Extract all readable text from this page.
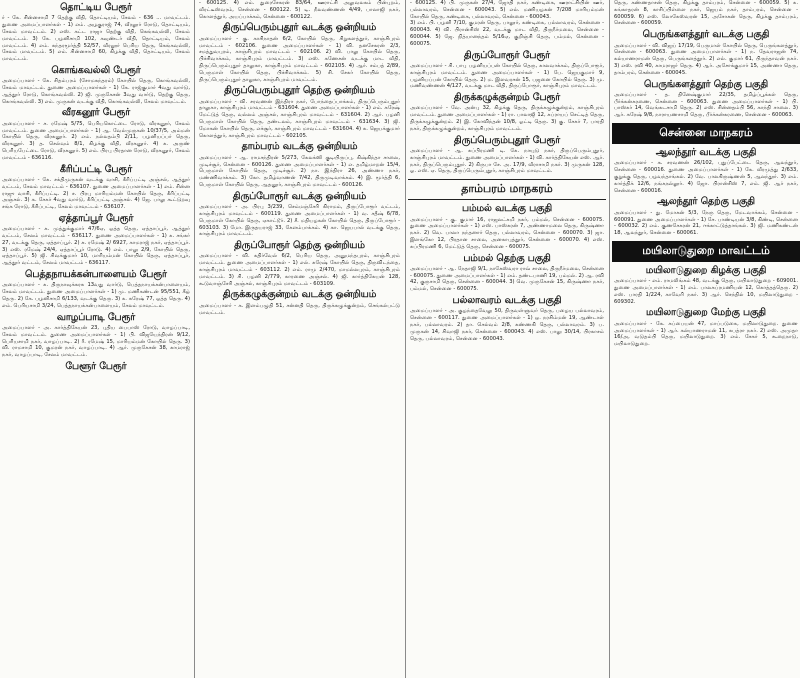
தொட்டிய பேரூர்
ர் - கே. சின்னசாமி 7 தெற்கு வீதி, தொட்டியம், சேலம் - 636 ... மாவட்டம். துணை அமைப்பாளர்கள் - 1) எம். அழகுராஜ் 74, வீரலூர் ரோடு, தொட்டியம், சேலம் மாவட்டம். 2) எஸ். கட்ட ராஜா தெற்கு வீதி, கெங்கவல்லி, சேலம் மாவட்டம். 3) கே. பழனிசாமி 102, கவுண்டர் வீதி, தொட்டியம், சேலம் மாவட்டம். 4) எம். சுந்தரமூர்த்தி 52/57, வீரலூர் பெரிய தெரு, கெங்கவல்லி, சேலம் மாவட்டம். 5) எம். சின்னசாமி 60, கிழக்கு வீதி, தொட்டியம், சேலம் மாவட்டம்.
கொங்கவல்லி பேரூர்
அமைப்பாளர் - கே. சிதம்பரம் (சோமசுந்தரம்) கோயில் தெரு, கொங்கவல்லி, சேலம் மாவட்டம். துணை அமைப்பாளர்கள் - 1) கே. ராஜ்குமார் 4வது வார்டு, ஆத்தூர் ரோடு, கொங்கவல்லி. 2) ஜி. முருகேசன் 3வது வார்டு, தெற்கு தெரு, கொங்கவல்லி. 3) எம். முருகன் வடக்கு வீதி, கொங்கவல்லி, சேலம் மாவட்டம்.
வீரகனூர் பேரூர்
அமைப்பாளர் - ச. ரமேஷ் 5/75, பெரியகொட்டை ரோடு, வீரகனூர், சேலம் மாவட்டம். துணை அமைப்பாளர்கள் - 1) ஆ. வேல்முருகன் 10/37/5, அம்மன் கோயில் தெரு, வீரகனூர். 2) எம். நல்லதம்பி 2/11, பழனியப்பர் தெரு, வீரகனூர். 3) த. செல்வம் 8/1, கிழக்கு வீதி, வீரகனூர். 4) க. அருண் பெரியபேட்டை ரோடு, வீரகனூர். 5) எம். பிரபு பிரதான ரோடு, வீரகனூர், சேலம் மாவட்டம் - 636116.
கீரிப்பட்டி பேரூர்
அமைப்பாளர் - கே. சக்திமுருகன் வடக்கு வாசி, கீரிப்பட்டி அஞ்சல், ஆத்தூர் வட்டம், சேலம் மாவட்டம் - 636107. துணை அமைப்பாளர்கள் - 1) எம். சின்ன ராஜு வாசி, கீரிப்பட்டி. 2) ச. பிரபு மாரியம்மன் கோயில் தெரு, கீரிப்பட்டி அஞ்சல். 3) க. சேகர் 4வது வார்டு, கீரிப்பட்டி அஞ்சல். 4) ஜே. பாலு கூட்டுறவு சங்க ரோடு, கீரிப்பட்டி, சேலம் மாவட்டம் - 636107.
ஏத்தாப்பூர் பேரூர்
அமைப்பாளர் - க. முத்துக்குமார் 47/6ஏ, ஒத்த தெரு, ஏத்தாப்பூர், ஆத்தூர் வட்டம், சேலம் மாவட்டம் - 636117. துணை அமைப்பாளர்கள் - 1) க. சங்கர் 27, வடக்கு தெரு, ஏத்தாப்பூர். 2) சு. ரமேஷ் 2/ 6927, காமராஜ் நகர், ஏத்தாப்பூர். 3) எஸ். ரமேஷ் 24/4, ஏத்தாப்பூர் ரோடு. 4) எம். பாலு 2/9, கோயில் தெரு, ஏத்தாப்பூர். 5) ஜி. சிவக்குமார் 10, மாரியம்மன் கோயில் தெரு, ஏத்தாப்பூர், ஆத்தூர் வட்டம், சேலம் மாவட்டம் - 636117.
பெத்தநாயக்கன்பாளையம் பேரூர்
அமைப்பாளர் - க. திருநாவுக்கரசு 13வது வார்டு, பெத்தநாயக்கன்பாளையம், சேலம் மாவட்டம். துணை அமைப்பாளர்கள் - 1) மு. மணிகண்டன் 95/551, கீழ் தெரு. 2) கே. பழனிசாமி 6/133, வடக்கு தெரு. 3) க. சுரேஷ் 77, ஒத்த தெரு. 4) எம். பெரியசாமி 3/24, பெத்தநாயக்கன்பாளையம், சேலம் மாவட்டம்.
வாழப்பாடி பேரூர்
அமைப்பாளர் - அ. கார்த்திகேயன் 23, புதிய பைபாஸ் ரோடு, வாழப்பாடி, சேலம் மாவட்டம். துணை அமைப்பாளர்கள் - 1) பி. விஜயேந்திரன் 9/12, பெரியசாமி நகர், வாழப்பாடி. 2) ரீ. ரமேஷ் 15, மாரியம்மன் கோயில் தெரு. 3) வி. ராமசாமி 10, குமரன் நகர், வாழப்பாடி. 4) ஆர். முருகேசன் 38, காமராஜ் நகர், வாழப்பாடி, சேலம் மாவட்டம்.
பேளூர் பேரூர்
- 600125. 4) எம். துரைசேகரன் 83/64, ஊராட்சி அலுவலகம் பின்புறம், வீரட்டீஸ்வரம், சென்னை - 600122. 5) டி. நீலவண்ணன் 4/49, பாலாஜி நகர், கொளத்தூர், அயப்பாக்கம், சென்னை - 600122.
திருப்பெரும்புதூர் வடக்கு ஒன்றியம்
அமைப்பாளர் - கு. காசிநாதன் 6/2, கோயில் தெரு, சிறுகளத்தூர், காஞ்சிபுரம் மாவட்டம் - 602106. துணை அமைப்பாளர்கள் - 1) வி. தனசேகரன் 2/3, சமத்துவபுரம், காஞ்சிபுரம் மாவட்டம் - 602106. 2) வி. பாலு கோயில் தெரு, பிச்சிவாக்கம், காஞ்சிபுரம் மாவட்டம். 3) எஸ். கணேசன் வடக்கு மாட வீதி, திருப்பெரும்புதூர் தாலுகா, காஞ்சிபுரம் மாவட்டம் - 602105. 4) ஆர். சம்பத் 2/89, பெருமாள் கோயில் தெரு, பிச்சிவாக்கம். 5) சி. சேகர் கோயில் தெரு, திருப்பெரும்புதூர் தாலுகா, காஞ்சிபுரம் மாவட்டம்.
திருப்பெரும்புதூர் தெற்கு ஒன்றியம்
அமைப்பாளர் - வி. சரவணன் இந்திரா நகர், போந்தைப்பாக்கம், திருப்பெரும்புதூர் தாலுகா, காஞ்சிபுரம் மாவட்டம் - 631604. துணை அமைப்பாளர்கள் - 1) எம். சுரேஷ் மேட்டுத் தெரு, வல்லம் அஞ்சல், காஞ்சிபுரம் மாவட்டம் - 631604. 2) ஆர். பழனி பெருமாள் கோயில் தெரு, தண்டலம், காஞ்சிபுரம் மாவட்டம் - 631634. 3) ஜி. மோகன் கோயில் தெரு, எச்சூர், காஞ்சிபுரம் மாவட்டம் - 631604. 4) சு. ஜெயக்குமார் கொளத்தூர், காஞ்சிபுரம் மாவட்டம் - 602105.
தாம்பரம் வடக்கு ஒன்றியம்
அமைப்பாளர் - ஆ. ராமசந்திரன் 5/273, கேலக்ஸி குடியிருப்பு, கிஷ்கிந்தா சாலை, முடிச்சூர், சென்னை - 600126. துணை அமைப்பாளர்கள் - 1) எ. தமிழ்மாறன் 15/4, பெருமாள் கோயில் தெரு, முடிச்சூர். 2) நா. இந்திரா 26, அண்ணா நகர், மண்ணிவாக்கம். 3) கோ. தமிழ்வாணன் 7/42, திருமுடிவாக்கம். 4) இ. மூர்த்தி 6, பெருமாள் கோயில் தெரு, ஆதனூர், காஞ்சிபுரம் மாவட்டம் - 600126.
திருப்போரூர் வடக்கு ஒன்றியம்
அமைப்பாளர் - அ. பிரபு 3/239, செம்மஞ்சேரி கிராமம், திருப்போரூர் வட்டம், காஞ்சிபுரம் மாவட்டம் - 600119. துணை அமைப்பாளர்கள் - 1) வ. சதீஷ் 6/78, பெருமாள் கோயில் தெரு, ஏகாட்டூர். 2) சீ. மதியழகன் கோயில் தெரு, திருப்போரூர் - 603103. 3) மோ. இருதயராஜ் 33, கேளம்பாக்கம். 4) கா. ஜெயபால் வடக்கு தெரு, காஞ்சிபுரம் மாவட்டம்.
திருப்போரூர் தெற்கு ஒன்றியம்
அமைப்பாளர் - வி. கதிர்வேல் 6/2, பெரிய தெரு, அனுமந்தபுரம், காஞ்சிபுரம் மாவட்டம். துணை அமைப்பாளர்கள் - 1) எல். சுரேஷ் கோயில் தெரு, திருவிடந்தை, காஞ்சிபுரம் மாவட்டம் - 603112. 2) எம். ராமு 2/470, மாமல்லபுரம், காஞ்சிபுரம் மாவட்டம். 3) சி. பழனி 2/779, காரணை அஞ்சல். 4) ஜி. கார்த்திகேயன் 128, கூடுவாஞ்சேரி அஞ்சல், காஞ்சிபுரம் மாவட்டம் - 603109.
திருக்கழுக்குன்றம் வடக்கு ஒன்றியம்
அமைப்பாளர் - க. இளம்பழுதி 51, சன்னதி தெரு, திருக்கழுக்குன்றம், செங்கல்பட்டு மாவட்டம்.
- 600125. 4) பி. முருகன் 27/4, ஜோதி நகர், கண்டிகை, ஊராட்சியின் ஊர், பல்லாவரம், சென்னை - 600043. 5) எல். மணியழகன் 7/208 மாரியம்மன் கோயில் தெரு, கண்டிகை, பல்லாவரம், சென்னை - 600043.
3) எம். பி. பழனி 7/10, குமரன் தெரு, பாலூர், கண்டிகை, பல்லாவரம், சென்னை - 600043. 4) வி. பிரான்சிஸ் 22, வடக்கு மாட வீதி, திருநீர்மலை, சென்னை - 600044. 5) ஜே. நித்யானந்தம் 5/16ஏ, குறிஞ்சி தெரு, பம்மல், சென்னை - 600075.
திருப்போரூர் பேரூர்
அமைப்பாளர் - சி. பாபு பழனியப்பன் கோயில் தெரு, காலவாக்கம், திருப்போரூர், காஞ்சிபுரம் மாவட்டம். துணை அமைப்பாளர்கள் - 1) பே. ஜெயகுமார் 9, பழனியப்பன் கோயில் தெரு. 2) ம. இளவரசன் 15, பஜனை கோயில் தெரு. 3) மு. மணிவண்ணன் 4/127, வடக்கு மாட வீதி, திருப்போரூர், காஞ்சிபுரம் மாவட்டம்.
திருக்கழுக்குன்றம் பேரூர்
அமைப்பாளர் - வே. அன்பு 32, கிழக்கு தெரு, திருக்கழுக்குன்றம், காஞ்சிபுரம் மாவட்டம். துணை அமைப்பாளர்கள் - 1) ரா. பாலாஜி 12, சுப்ராயப் செட்டித் தெரு, திருக்கழுக்குன்றம். 2) இ. கோவிந்தன் 10/8, ஓட்டி தெரு. 3) கு. சேகர் 7, பாரதி நகர், திருக்கழுக்குன்றம், காஞ்சிபுரம் மாவட்டம்.
திருப்பெரும்புதூர் பேரூர்
அமைப்பாளர் - ஆ. சுப்பிரமணி டி. கே. நாயுடு நகர், திருப்பெரும்புதூர், காஞ்சிபுரம் மாவட்டம். துணை அமைப்பாளர்கள் - 1) வி. கார்த்திகேயன் எஸ். ஆர். நகர், திருப்பெரும்புதூர். 2) கிருபா சே. அ. 17/9, வீராசாமி நகர். 3) முருகன் 128, ஓ. எஸ். ஏ. தெரு, திருப்பெரும்புதூர், காஞ்சிபுரம் மாவட்டம்.
தாம்பரம் மாநகரம்
பம்மல் வடக்கு பகுதி
அமைப்பாளர் - கு. குமார் 16, ராஜலட்சுமி நகர், பம்மல், சென்னை - 600075. துணை அமைப்பாளர்கள் - 1) எஸ். பாஸ்கரன் 7, அண்ணாமலை தெரு, கிருஷ்ணா நகர். 2) வெ. பாலா நந்தனார் தெரு, பல்லாவரம், சென்னை - 600070. 3) ஜா. இளங்கோ 12, பிரதான சாலை, அனகாபுத்தூர், சென்னை - 600070. 4) எஸ். சுப்பிரமணி 6, மேட்டுத் தெரு, சென்னை - 600075.
பம்மல் தெற்கு பகுதி
அமைப்பாளர் - ஆ. நேதாஜி 9/1, நாகேஸ்வரா ராவ் சாலை, திருநீர்மலை, சென்னை - 600075. துணை அமைப்பாளர்கள் - 1) எம். தண்டபாணி 19, பம்மல். 2) ஆ. ரவி 42, குருசாமி தெரு, சென்னை - 600044. 3) வெ. முருகேசன் 15, கிருஷ்ணா நகர், பம்மல், சென்னை - 600075.
பல்லாவரம் வடக்கு பகுதி
அமைப்பாளர் - அ. குழந்தைவேலு 50, திருவள்ளுவர் தெரு, பழைய பல்லாவரம், சென்னை - 600117. துணை அமைப்பாளர்கள் - 1) ஒ. நரசிம்மன் 19, ஆண்டாள் நகர், பல்லாவரம். 2) தா. செல்வம் 2/8, கண்ணகி தெரு, பல்லாவரம். 3) ப. முருகன் 14, சிவாஜி நகர், சென்னை - 600043. 4) எஸ். பாலு 30/14, பிரகாசம் தெரு, பல்லாவரம், சென்னை - 600043.
தெரு, கண்ணதாசன் தெரு, கிழக்கு தாம்பரம், சென்னை - 600059. 5) க. கங்காதரன் 8, காசிப்பிள்ளை நகர், ஜெயம் நகர், தாம்பரம், சென்னை - 600059. 6) எஸ். லோகேஸ்வரன் 15, அசோகன் தெரு, கிழக்கு தாம்பரம், சென்னை - 600059.
பெருங்களத்தூர் வடக்கு பகுதி
அமைப்பாளர் - வி. விஜய் 17/19, பெருமாள் கோயில் தெரு, பெருங்களத்தூர், சென்னை - 600063. துணை அமைப்பாளர்கள் - 1) ந. தேவராஜன் 74, கல்யாணராமன் தெரு, பெருங்களத்தூர். 2) எல். குமார் 61, பிருந்தாவன் நகர். 3) எஸ். ரவி 40, காமராஜர் தெரு. 4) ஆர். அசோக்குமார் 15, அண்ணா தெரு, தாம்பரம், சென்னை - 600045.
பெருங்களத்தூர் தெற்கு பகுதி
அமைப்பாளர் - த. தினேஷ்குமார் 22/35, தமிழ்ப்பூக்கள் தெரு, பீர்க்கன்கரணை, சென்னை - 600063. துணை அமைப்பாளர்கள் - 1) பி. பாஸ்கர் 14, வெங்கடசாமி தெரு. 2) எஸ். சின்னதம்பி 56, காந்தி சாலை. 3) ஆர். சுரேஷ் 9/8, நாராயணசாமி தெரு, பீர்க்கன்கரணை, சென்னை - 600063.
சென்னை மாநகரம்
ஆலந்தூர் வடக்கு பகுதி
அமைப்பாளர் - க. சரவணன் 26/102, புதுப்பேட்டை தெரு, ஆலந்தூர், சென்னை - 600016. துணை அமைப்பாளர்கள் - 1) கே. வீரமுத்து 2/633, குறுக்கு தெரு, பழவந்தாங்கல். 2) வே. பாலகிருஷ்ணன் 5, ஆலந்தூர். 3) எம். கார்த்திக் 12/6, நங்கநல்லூர். 4) ஜோ. பிரான்சிஸ் 7, எம். ஜி. ஆர் நகர், சென்னை - 600016.
ஆலந்தூர் தெற்கு பகுதி
அமைப்பாளர் - து. மோகன் 5/3, நேரு தெரு, மேடவாக்கம், சென்னை - 600091. துணை அமைப்பாளர்கள் - 1) சே. பாண்டியன் 3/8, கிண்டி, சென்னை - 600032. 2) எம். குணசேகரன் 21, ஈக்காட்டுத்தாங்கல். 3) ஜி. மணிகண்டன் 18, ஆலந்தூர், சென்னை - 600061.
மயிலாடுதுறை மாவட்டம்
மயிலாடுதுறை கிழக்கு பகுதி
அமைப்பாளர் - எம். ராமலிங்கம் 48, வடக்கு தெரு, மயிலாடுதுறை - 609001. துணை அமைப்பாளர்கள் - 1) எம். பாலசுப்ரமணியன் 12, கொத்தத்தெரு. 2) எஸ். பாரதி 1/224, காவேரி நகர். 3) ஆர். செந்தில் 10, மயிலாடுதுறை - 609302.
மயிலாடுதுறை மேற்கு பகுதி
அமைப்பாளர் - கே. சுப்பையன் 47, மாப்படுகை, மயிலாடுதுறை. துணை அமைப்பாளர்கள் - 1) ஆர். கல்யாணராமன் 11, சுபத்ரா நகர். 2) எஸ். அமுதா 16/அ, வடுதம்பி தெரு, மயிலாடுதுறை. 3) எம். சேகர் 5, கூறைநாடு, மயிலாடுதுறை.
